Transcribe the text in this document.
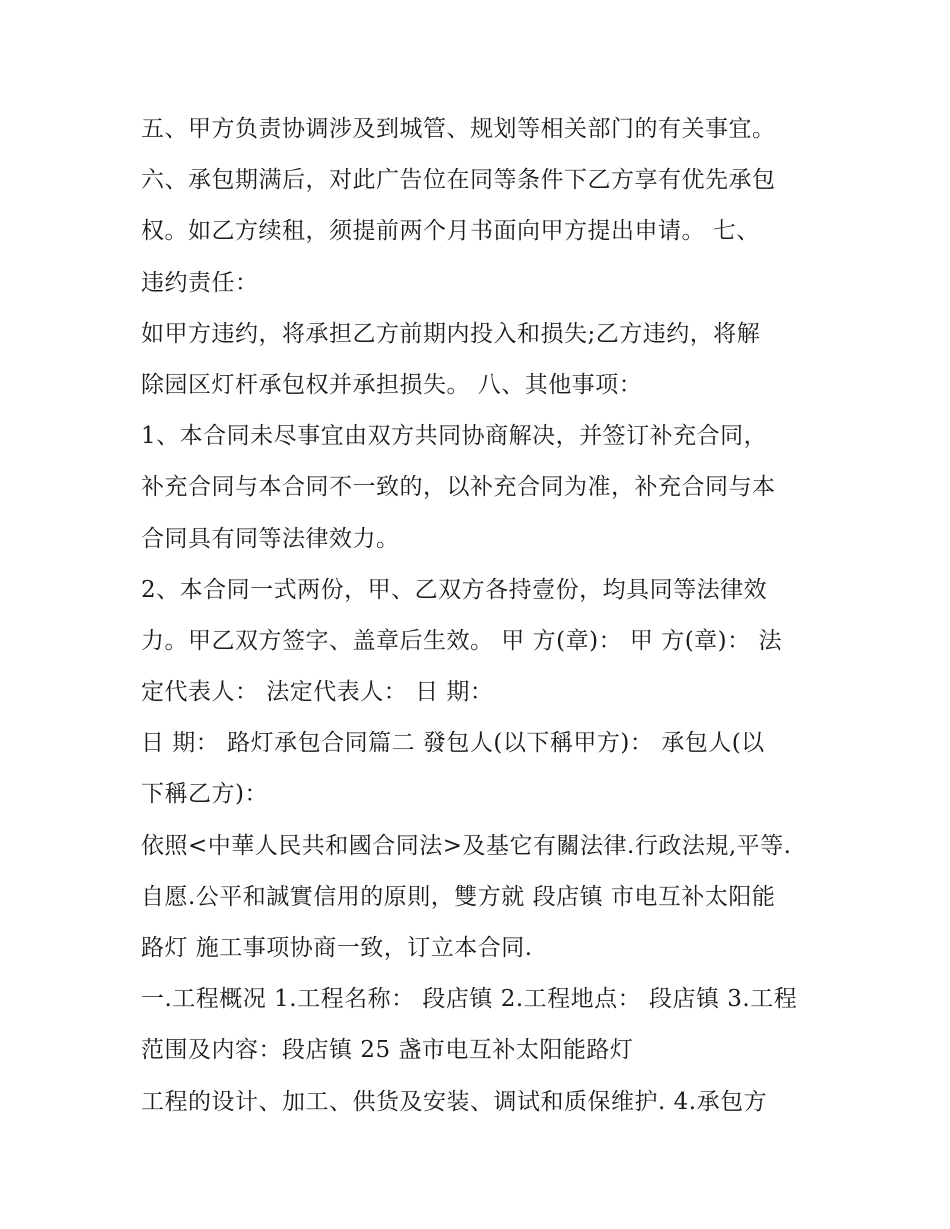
五、甲方负责协调涉及到城管、规划等相关部门的有关事宜。
六、承包期满后，对此广告位在同等条件下乙方享有优先承包
权。如乙方续租，须提前两个月书面向甲方提出申请。 七、
违约责任：
如甲方违约，将承担乙方前期内投入和损失;乙方违约，将解
除园区灯杆承包权并承担损失。 八、其他事项：
1、本合同未尽事宜由双方共同协商解决，并签订补充合同，
补充合同与本合同不一致的，以补充合同为准，补充合同与本
合同具有同等法律效力。
2、本合同一式两份，甲、乙双方各持壹份，均具同等法律效
力。甲乙双方签字、盖章后生效。 甲 方(章)： 甲 方(章)： 法
定代表人： 法定代表人： 日 期：
日 期： 路灯承包合同篇二 發包人(以下稱甲方)： 承包人(以
下稱乙方)：
依照<中華人民共和國合同法>及基它有關法律.行政法規,平等.
自愿.公平和誠實信用的原則，雙方就 段店镇 市电互补太阳能
路灯 施工事项协商一致，订立本合同.
一.工程概况 1.工程名称： 段店镇 2.工程地点： 段店镇 3.工程
范围及内容：段店镇 25 盏市电互补太阳能路灯
工程的设计、加工、供货及安装、调试和质保维护. 4.承包方
